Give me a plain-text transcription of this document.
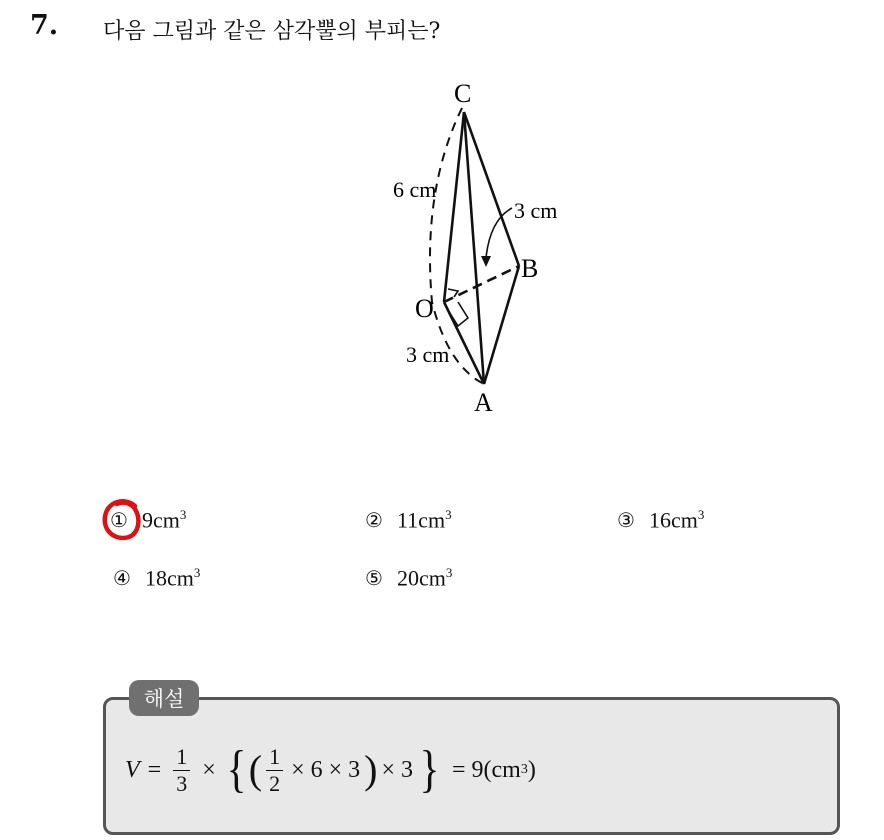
7. 다음 그림과 같은 삼각뿔의 부피는?
C
B
O
A
6 cm
3 cm
3 cm
① $9cm^3$	② $11cm^3$	③ $16cm^3$
④ $18cm^3$	⑤ $20cm^3$
해설
$V = \frac{1}{3}$ × { ( $\frac{1}{2} \times 6 \times 3$ ) × 3 } = 9(cm 3 )
